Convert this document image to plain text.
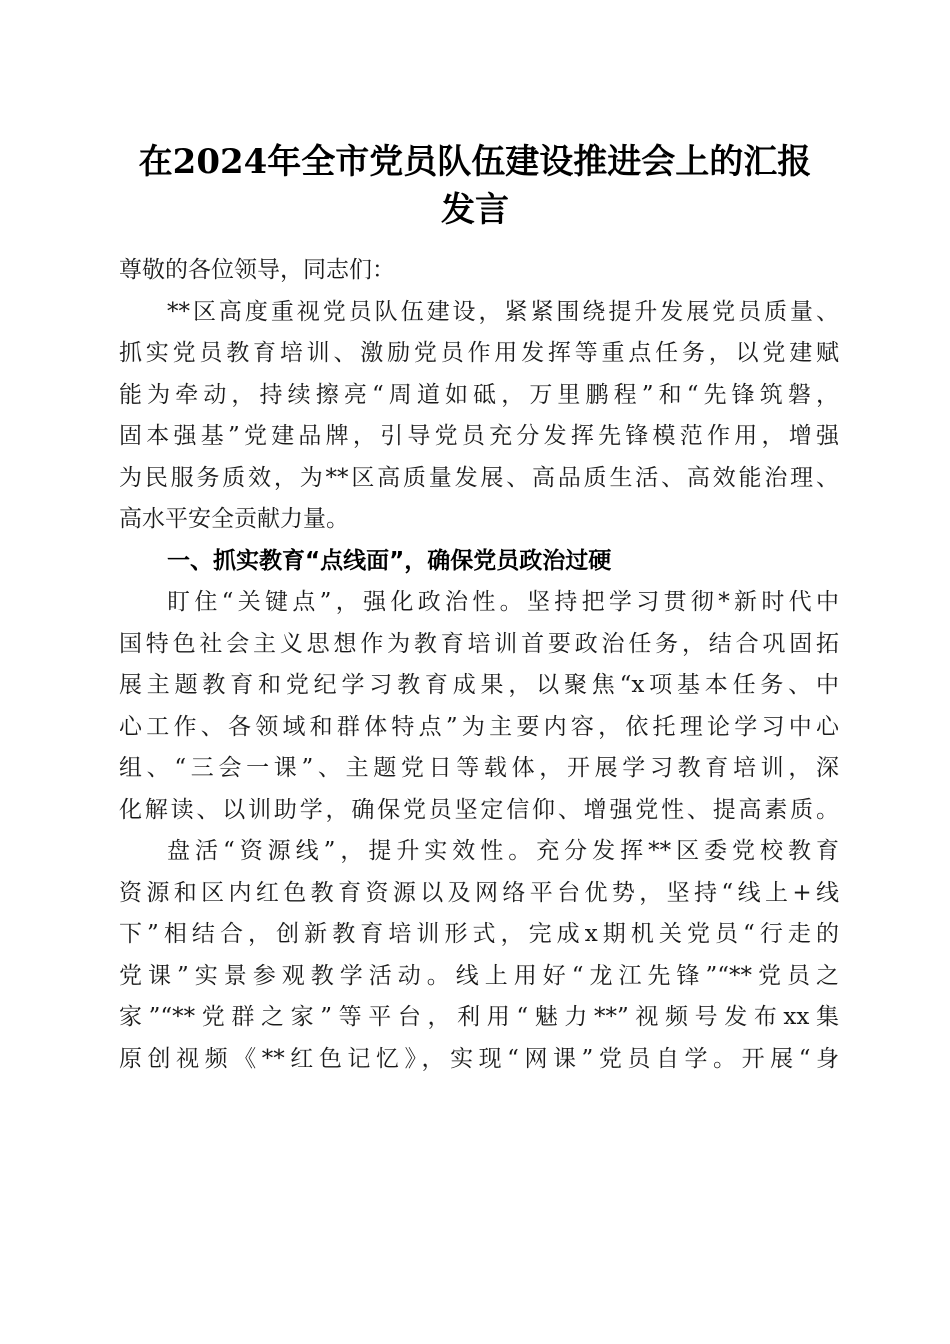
在2024年全市党员队伍建设推进会上的汇报
发言
尊敬的各位领导，同志们：
**区高度重视党员队伍建设，紧紧围绕提升发展党员质量、
抓实党员教育培训、激励党员作用发挥等重点任务，以党建赋
能为牵动，持续擦亮“周道如砥，万里鹏程”和“先锋筑磐，
固本强基”党建品牌，引导党员充分发挥先锋模范作用，增强
为民服务质效，为**区高质量发展、高品质生活、高效能治理、
高水平安全贡献力量。
一、抓实教育“点线面”，确保党员政治过硬
盯住“关键点”，强化政治性。坚持把学习贯彻*新时代中
国特色社会主义思想作为教育培训首要政治任务，结合巩固拓
展主题教育和党纪学习教育成果，以聚焦“x项基本任务、中
心工作、各领域和群体特点”为主要内容，依托理论学习中心
组、“三会一课”、主题党日等载体，开展学习教育培训，深
化解读、以训助学，确保党员坚定信仰、增强党性、提高素质。
盘活“资源线”，提升实效性。充分发挥**区委党校教育
资源和区内红色教育资源以及网络平台优势，坚持“线上+线
下”相结合，创新教育培训形式，完成x期机关党员“行走的
党课”实景参观教学活动。线上用好“龙江先锋”“**党员之
家”“**党群之家”等平台，利用“魅力**”视频号发布xx集
原创视频《**红色记忆》，实现“网课”党员自学。开展“身
